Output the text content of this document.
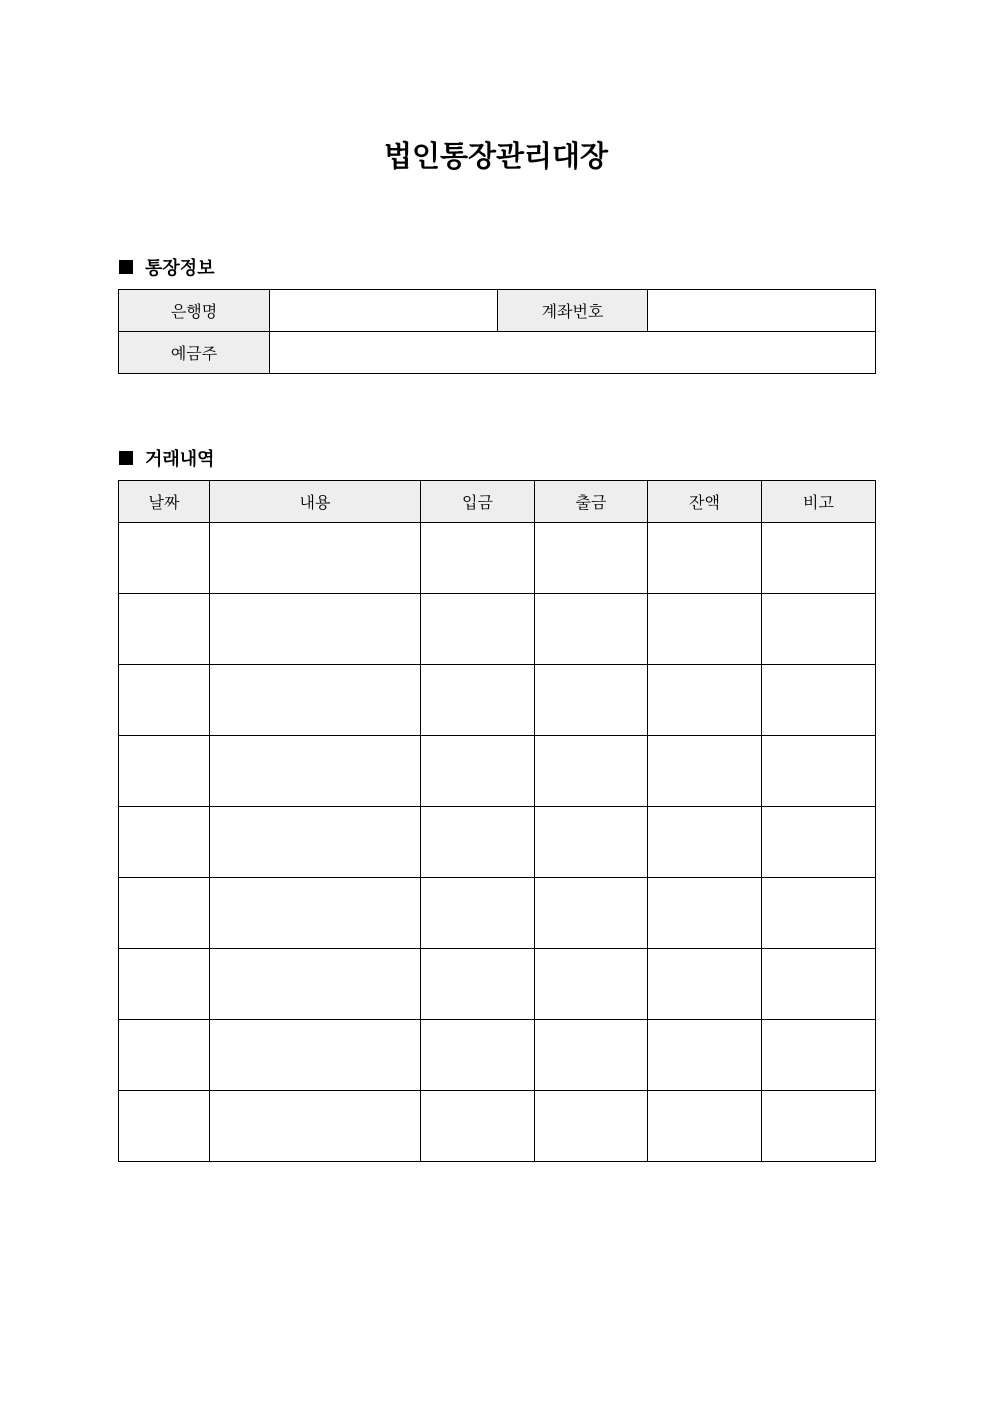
법인통장관리대장
통장정보
은행명		계좌번호	
예금주			
거래내역
날짜	내용	입금	출금	잔액	비고
